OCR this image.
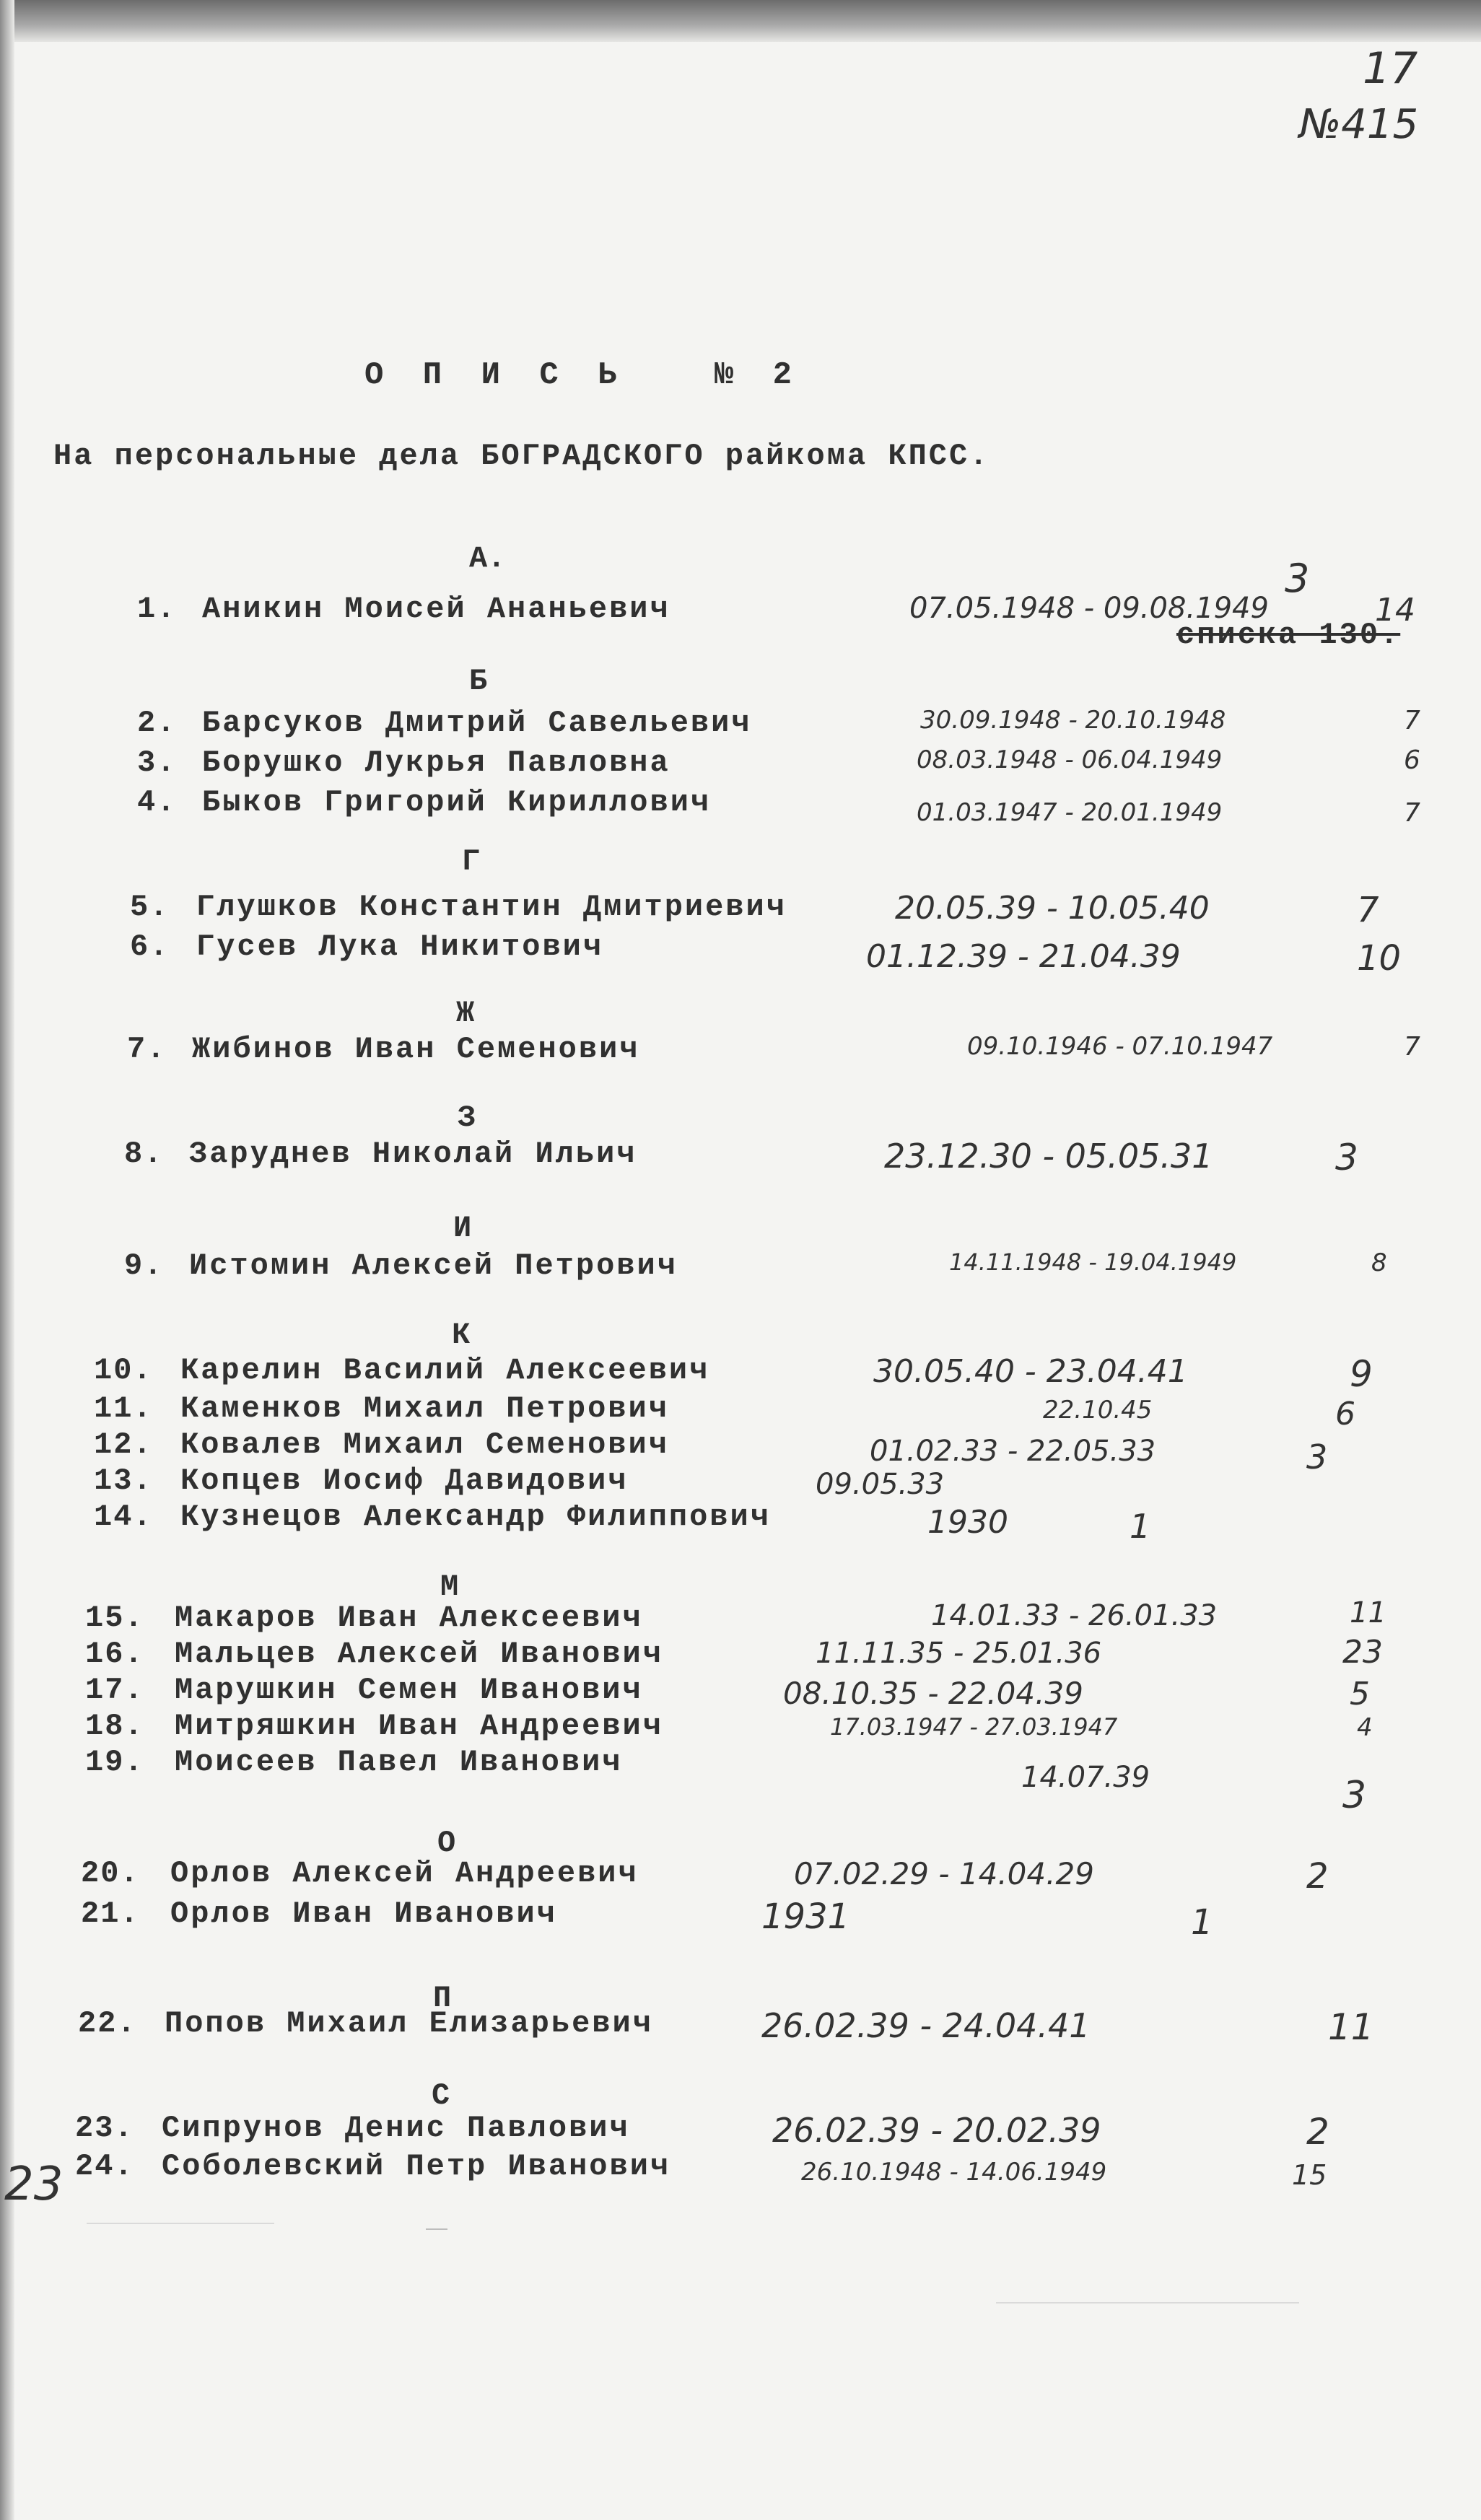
17
№415
О П И С Ь   № 2
На персональные дела БОГРАДСКОГО райкома КПСС.
А.
Б
Г
Ж
З
И
К
М
О
П
С
1. Аникин Моисей Ананьевич	07.05.1948 - 09.08.1949	14
3
списка 130.
2. Барсуков Дмитрий Савельевич	30.09.1948 - 20.10.1948	7
3. Борушко Лукрья Павловна	08.03.1948 - 06.04.1949	6
4. Быков Григорий Кириллович	01.03.1947 - 20.01.1949	7
5. Глушков Константин Дмитриевич	20.05.39 - 10.05.40	7
6. Гусев Лука Никитович	01.12.39 - 21.04.39	10
7. Жибинов Иван Семенович	09.10.1946 - 07.10.1947	7
8. Заруднев Николай Ильич	23.12.30 - 05.05.31	3
9. Истомин Алексей Петрович	14.11.1948 - 19.04.1949	8
10. Карелин Василий Алексеевич	30.05.40 - 23.04.41	9
11. Каменков Михаил Петрович	22.10.45	6
12. Ковалев Михаил Семенович	01.02.33 - 22.05.33	3
13. Копцев Иосиф Давидович	09.05.33
14. Кузнецов Александр Филиппович	1930	1
15. Макаров Иван Алексеевич	14.01.33 - 26.01.33	11
16. Мальцев Алексей Иванович	11.11.35 - 25.01.36	23
17. Марушкин Семен Иванович	08.10.35 - 22.04.39	5
18. Митряшкин Иван Андреевич	17.03.1947 - 27.03.1947	4
19. Моисеев Павел Иванович	14.07.39	3
20. Орлов Алексей Андреевич	07.02.29 - 14.04.29	2
21. Орлов Иван Иванович	1931	1
22. Попов Михаил Елизарьевич	26.02.39 - 24.04.41	11
23. Сипрунов Денис Павлович	26.02.39 - 20.02.39	2
24. Соболевский Петр Иванович	26.10.1948 - 14.06.1949	15
23
